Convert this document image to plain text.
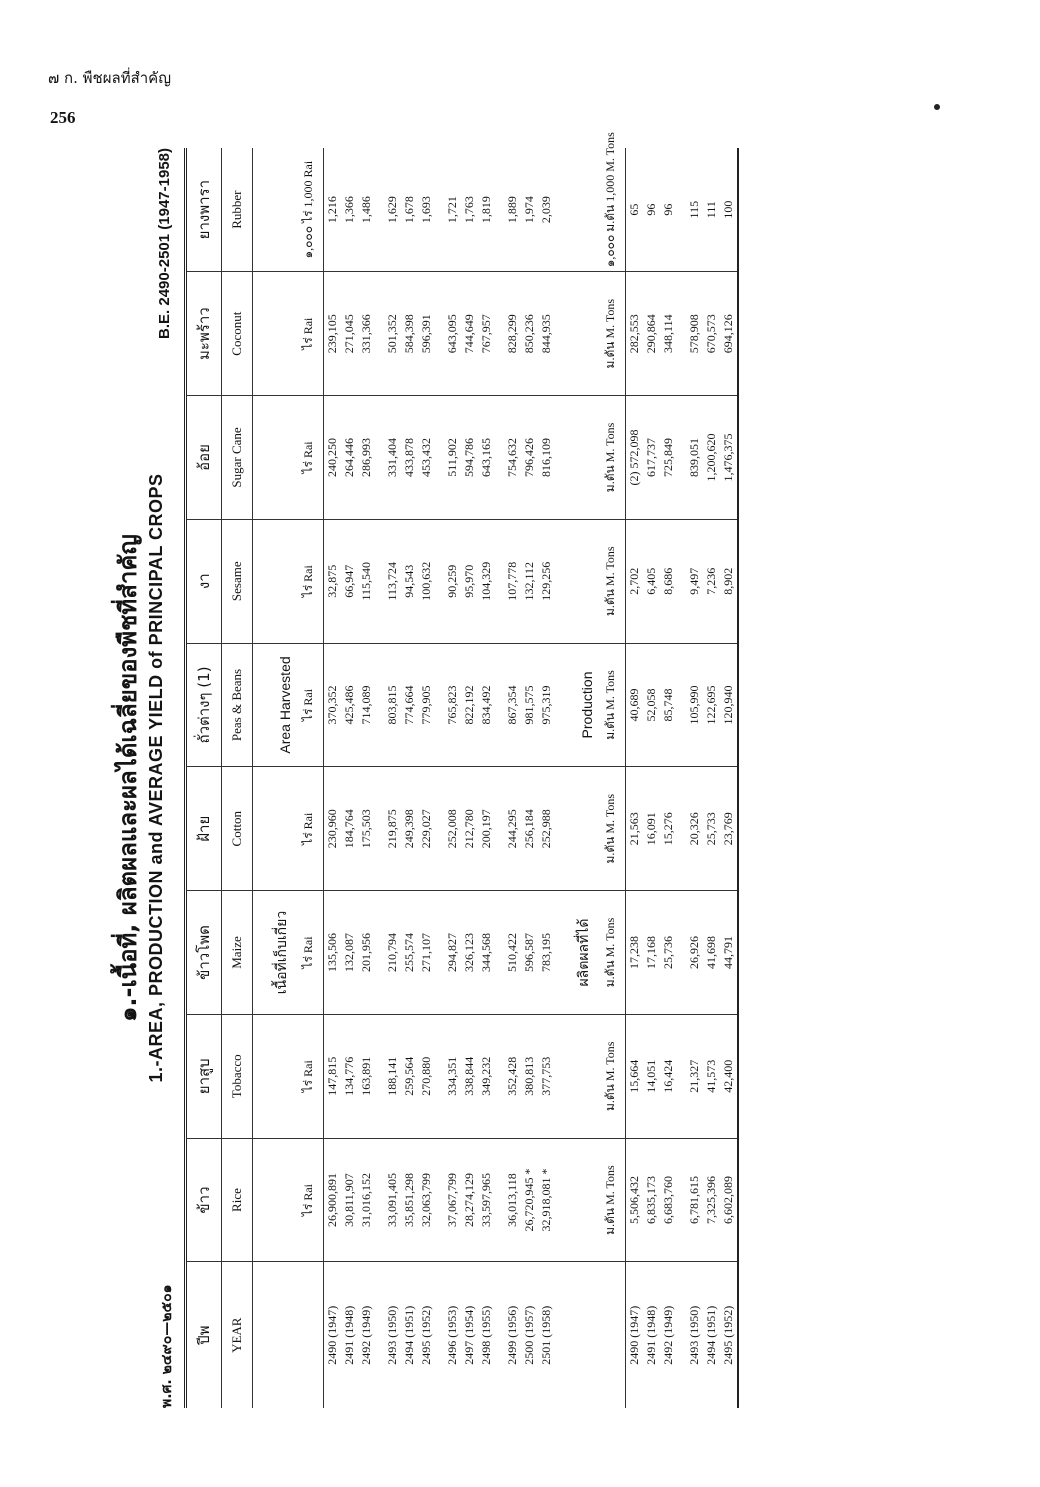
๗ ก. พืชผลที่สำคัญ
256
๑.-เนื้อที่, ผลิตผลและผลได้เฉลี่ยของพืชที่สำคัญ 1.-AREA, PRODUCTION and AVERAGE YIELD of PRINCIPAL CROPS
พ.ศ. ๒๔๙๐—๒๕๐๑
B.E. 2490-2501 (1947-1958)
ปีพ	ข้าว	ยาสูบ	ข้าวโพด	ฝ้าย	ถั่วต่างๆ (1)	งา	อ้อย	มะพร้าว	ยางพารา
YEAR	Rice	Tobacco	Maize	Cotton	Peas & Beans	Sesame	Sugar Cane	Coconut	Rubber
			เนื้อที่เก็บเกี่ยว		Area Harvested				
	ไร่ Rai	ไร่ Rai	ไร่ Rai	ไร่ Rai	ไร่ Rai	ไร่ Rai	ไร่ Rai	ไร่ Rai	๑,๐๐๐ ไร่ 1,000 Rai
2490 (1947)	26,900,891	147,815	135,506	230,960	370,352	32,875	240,250	239,105	1,216
2491 (1948)	30,811,907	134,776	132,087	184,764	425,486	66,947	264,446	271,045	1,366
2492 (1949)	31,016,152	163,891	201,956	175,503	714,089	115,540	286,993	331,366	1,486

2493 (1950)	33,091,405	188,141	210,794	219,875	803,815	113,724	331,404	501,352	1,629
2494 (1951)	35,851,298	259,564	255,574	249,398	774,664	94,543	433,878	584,398	1,678
2495 (1952)	32,063,799	270,880	271,107	229,027	779,905	100,632	453,432	596,391	1,693

2496 (1953)	37,067,799	334,351	294,827	252,008	765,823	90,259	511,902	643,095	1,721
2497 (1954)	28,274,129	338,844	326,123	212,780	822,192	95,970	594,786	744,649	1,763
2498 (1955)	33,597,965	349,232	344,568	200,197	834,492	104,329	643,165	767,957	1,819

2499 (1956)	36,013,118	352,428	510,422	244,295	867,354	107,778	754,632	828,299	1,889
2500 (1957)	26,720,945 *	380,813	596,587	256,184	981,575	132,112	796,426	850,236	1,974
2501 (1958)	32,918,081 *	377,753	783,195	252,988	975,319	129,256	816,109	844,935	2,039
			ผลิตผลที่ได้		Production				
	ม.ตัน M. Tons	ม.ตัน M. Tons	ม.ตัน M. Tons	ม.ตัน M. Tons	ม.ตัน M. Tons	ม.ตัน M. Tons	ม.ตัน M. Tons	ม.ตัน M. Tons	๑,๐๐๐ ม.ตัน 1,000 M. Tons
2490 (1947)	5,506,432	15,664	17,238	21,563	40,689	2,702	(2) 572,098	282,553	65
2491 (1948)	6,835,173	14,051	17,168	16,091	52,058	6,405	617,737	290,864	96
2492 (1949)	6,683,760	16,424	25,736	15,276	85,748	8,686	725,849	348,114	96

2493 (1950)	6,781,615	21,327	26,926	20,326	105,990	9,497	839,051	578,908	115
2494 (1951)	7,325,396	41,573	41,698	25,733	122,695	7,236	1,200,620	670,573	111
2495 (1952)	6,602,089	42,400	44,791	23,769	120,940	8,902	1,476,375	694,126	100
